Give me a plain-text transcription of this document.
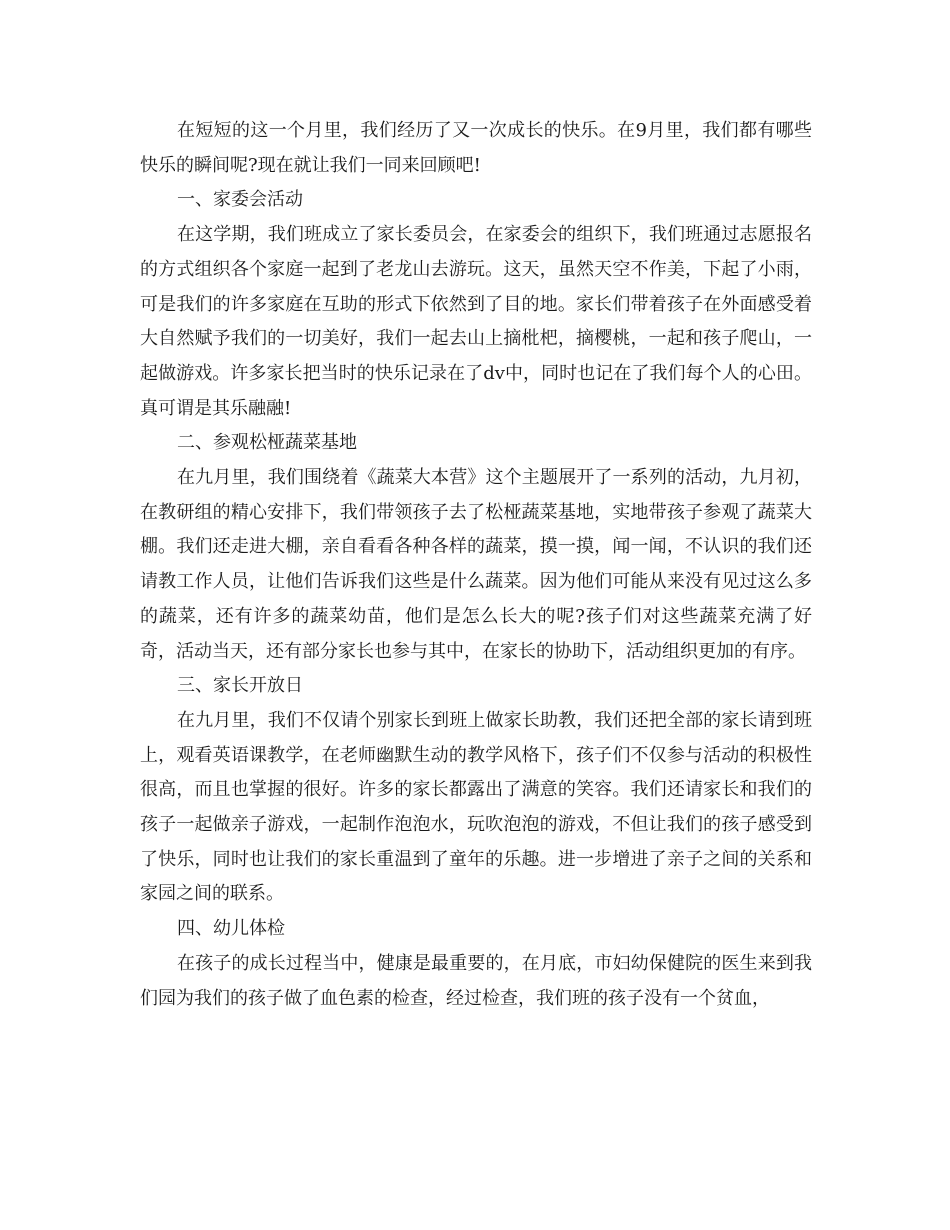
在短短的这一个月里，我们经历了又一次成长的快乐。在9月里，我们都有哪些快乐的瞬间呢?现在就让我们一同来回顾吧!

一、家委会活动

在这学期，我们班成立了家长委员会，在家委会的组织下，我们班通过志愿报名的方式组织各个家庭一起到了老龙山去游玩。这天，虽然天空不作美，下起了小雨，可是我们的许多家庭在互助的形式下依然到了目的地。家长们带着孩子在外面感受着大自然赋予我们的一切美好，我们一起去山上摘枇杷，摘樱桃，一起和孩子爬山，一起做游戏。许多家长把当时的快乐记录在了dv中，同时也记在了我们每个人的心田。真可谓是其乐融融!

二、参观松桠蔬菜基地

在九月里，我们围绕着《蔬菜大本营》这个主题展开了一系列的活动，九月初，在教研组的精心安排下，我们带领孩子去了松桠蔬菜基地，实地带孩子参观了蔬菜大棚。我们还走进大棚，亲自看看各种各样的蔬菜，摸一摸，闻一闻，不认识的我们还请教工作人员，让他们告诉我们这些是什么蔬菜。因为他们可能从来没有见过这么多的蔬菜，还有许多的蔬菜幼苗，他们是怎么长大的呢?孩子们对这些蔬菜充满了好奇，活动当天，还有部分家长也参与其中，在家长的协助下，活动组织更加的有序。

三、家长开放日

在九月里，我们不仅请个别家长到班上做家长助教，我们还把全部的家长请到班上，观看英语课教学，在老师幽默生动的教学风格下，孩子们不仅参与活动的积极性很高，而且也掌握的很好。许多的家长都露出了满意的笑容。我们还请家长和我们的孩子一起做亲子游戏，一起制作泡泡水，玩吹泡泡的游戏，不但让我们的孩子感受到了快乐，同时也让我们的家长重温到了童年的乐趣。进一步增进了亲子之间的关系和家园之间的联系。

四、幼儿体检

在孩子的成长过程当中，健康是最重要的，在月底，市妇幼保健院的医生来到我们园为我们的孩子做了血色素的检查，经过检查，我们班的孩子没有一个贫血，
